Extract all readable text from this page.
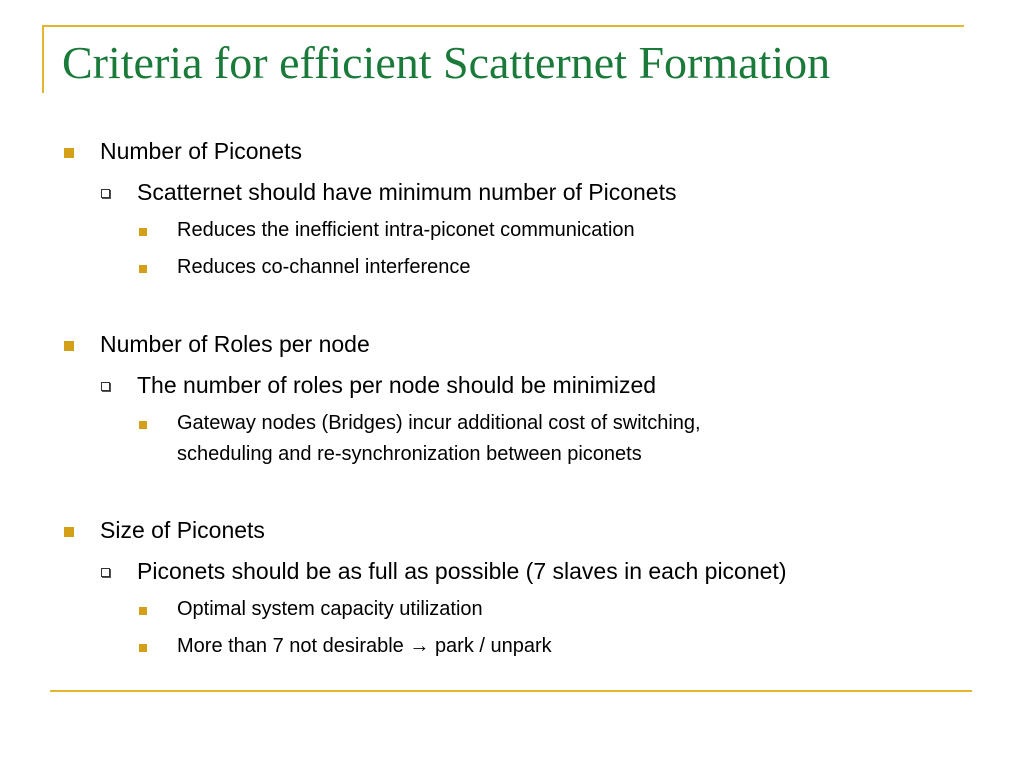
Criteria for efficient Scatternet Formation
Number of Piconets
Scatternet should have minimum number of Piconets
Reduces the inefficient intra-piconet communication
Reduces co-channel interference
Number of Roles per node
The number of roles per node should be minimized
Gateway nodes (Bridges) incur additional cost of switching,
scheduling and re-synchronization between piconets
Size of Piconets
Piconets should be as full as possible (7 slaves in each piconet)
Optimal system capacity utilization
More than 7 not desirable → park / unpark
